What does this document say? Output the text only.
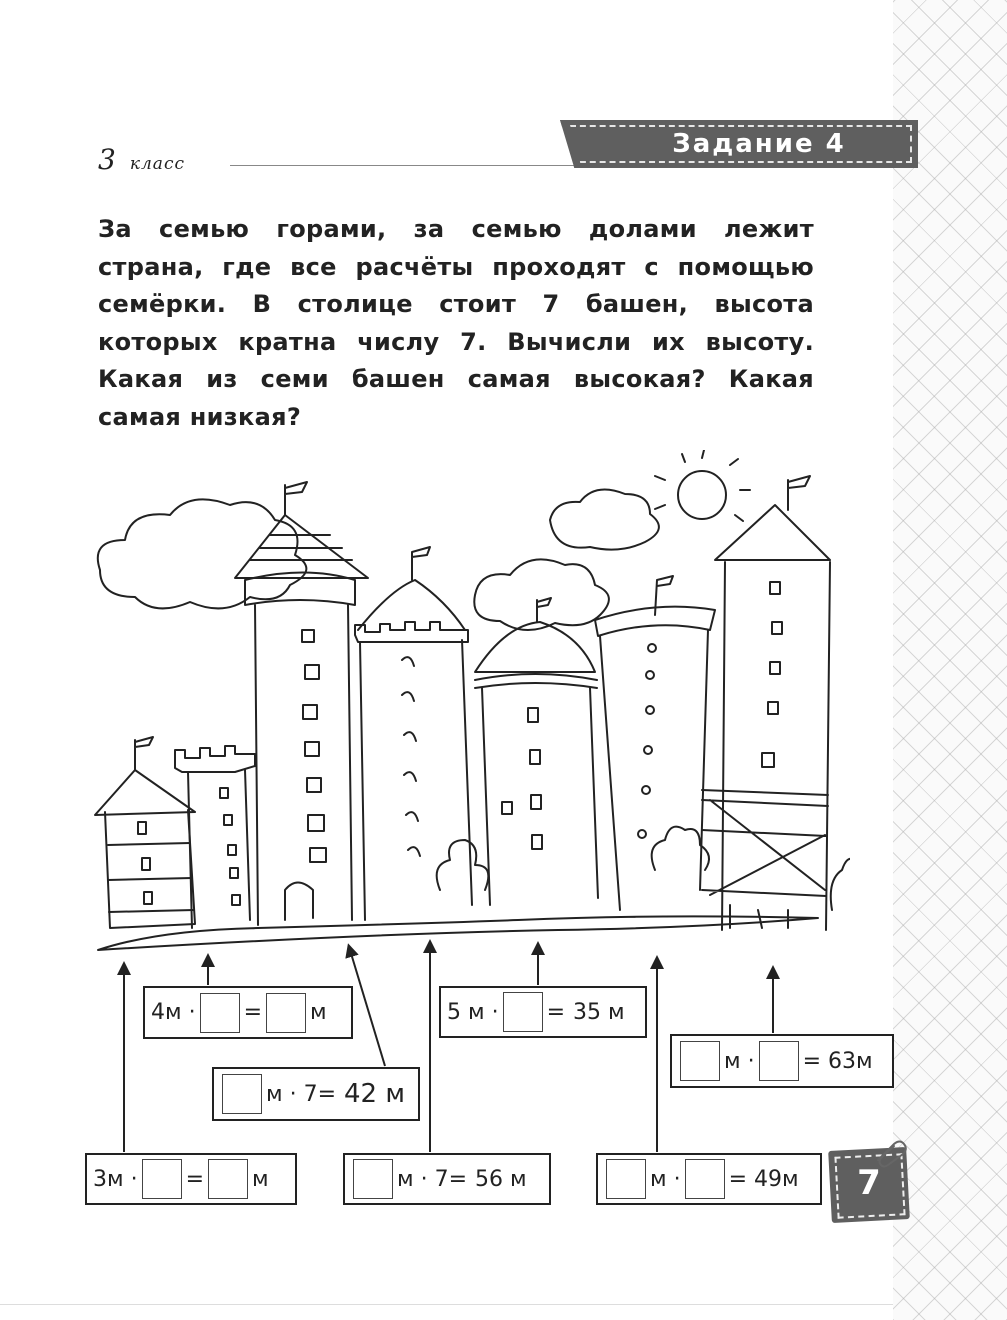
3 класс
Задание 4
За семью горами, за семью долами лежит страна, где все расчёты проходят с помощью семёрки. В столице стоит 7 башен, высота которых кратна числу 7. Вычисли их высоту. Какая из семи башен самая высокая? Какая самая низкая?
3м · = м
4м · = м
м · 7= 42 м
м · 7= 56 м
5 м · = 35 м
м · = 49м
м · = 63м
7
